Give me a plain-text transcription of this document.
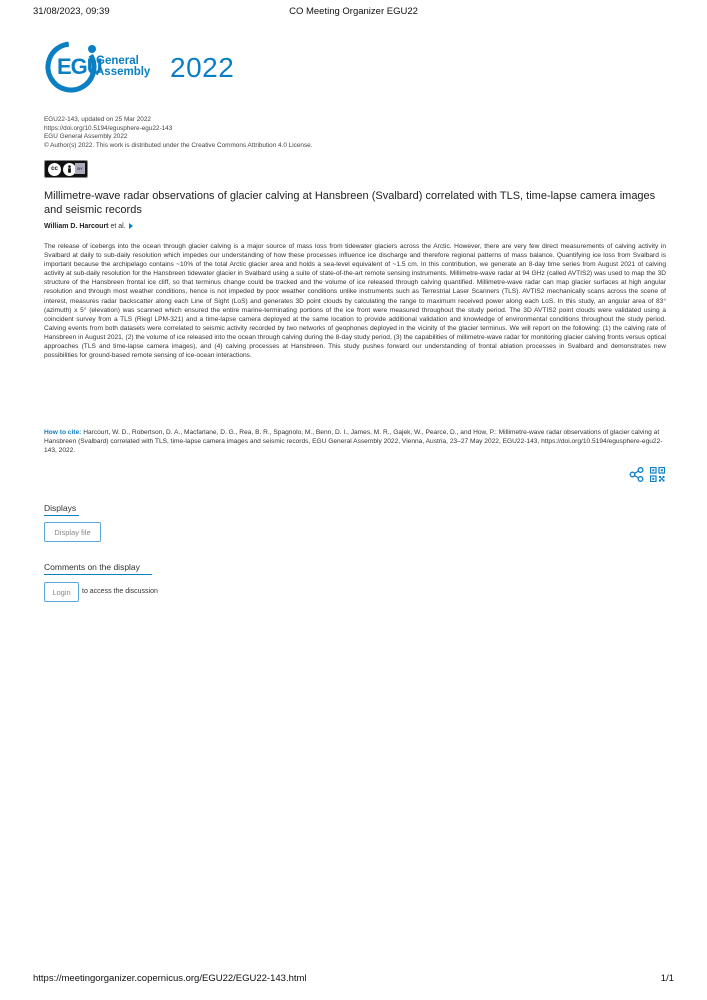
31/08/2023, 09:39	CO Meeting Organizer EGU22
EGU
General
Assembly 2022
EGU22-143, updated on 25 Mar 2022
https://doi.org/10.5194/egusphere-egu22-143
EGU General Assembly 2022
© Author(s) 2022. This work is distributed under the Creative Commons Attribution 4.0 License.
cc	BY
Millimetre-wave radar observations of glacier calving at Hansbreen (Svalbard) correlated with TLS, time-lapse camera images and seismic records
William D. Harcourt et al.
The release of icebergs into the ocean through glacier calving is a major source of mass loss from tidewater glaciers across the Arctic. However, there are very few direct measurements of calving activity in Svalbard at daily to sub-daily resolution which impedes our understanding of how these processes influence ice discharge and therefore regional patterns of mass balance. Quantifying ice loss from Svalbard is important because the archipelago contains ~10% of the total Arctic glacier area and holds a sea-level equivalent of ~1.5 cm. In this contribution, we generate an 8-day time series from August 2021 of calving activity at sub-daily resolution for the Hansbreen tidewater glacier in Svalbard using a suite of state-of-the-art remote sensing instruments. Millimetre-wave radar at 94 GHz (called AVTIS2) was used to map the 3D structure of the Hansbreen frontal ice cliff, so that terminus change could be tracked and the volume of ice released through calving quantified. Millimetre-wave radar can map glacier surfaces at high angular resolution and through most weather conditions, hence is not impeded by poor weather conditions unlike instruments such as Terrestrial Laser Scanners (TLS). AVTIS2 mechanically scans across the scene of interest, measures radar backscatter along each Line of Sight (LoS) and generates 3D point clouds by calculating the range to maximum received power along each LoS. In this study, an angular area of 83° (azimuth) x 5° (elevation) was scanned which ensured the entire marine-terminating portions of the ice front were measured throughout the study period. The 3D AVTIS2 point clouds were validated using a coincident survey from a TLS (Riegl LPM-321) and a time-lapse camera deployed at the same location to provide additional validation and knowledge of environmental conditions throughout the study period. Calving events from both datasets were correlated to seismic activity recorded by two networks of geophones deployed in the vicinity of the glacier terminus. We will report on the following: (1) the calving rate of Hansbreen in August 2021, (2) the volume of ice released into the ocean through calving during the 8-day study period, (3) the capabilities of millimetre-wave radar for monitoring glacier calving fronts versus optical approaches (TLS and time-lapse camera images), and (4) calving processes at Hansbreen. This study pushes forward our understanding of frontal ablation processes in Svalbard and demonstrates new possibilities for ground-based remote sensing of ice-ocean interactions.
How to cite: Harcourt, W. D., Robertson, D. A., Macfarlane, D. G., Rea, B. R., Spagnolo, M., Benn, D. I., James, M. R., Gajek, W., Pearce, D., and How, P.: Millimetre-wave radar observations of glacier calving at Hansbreen (Svalbard) correlated with TLS, time-lapse camera images and seismic records, EGU General Assembly 2022, Vienna, Austria, 23–27 May 2022, EGU22-143, https://doi.org/10.5194/egusphere-egu22-143, 2022.
Displays
Display file
Comments on the display
Login	to access the discussion
https://meetingorganizer.copernicus.org/EGU22/EGU22-143.html	1/1
